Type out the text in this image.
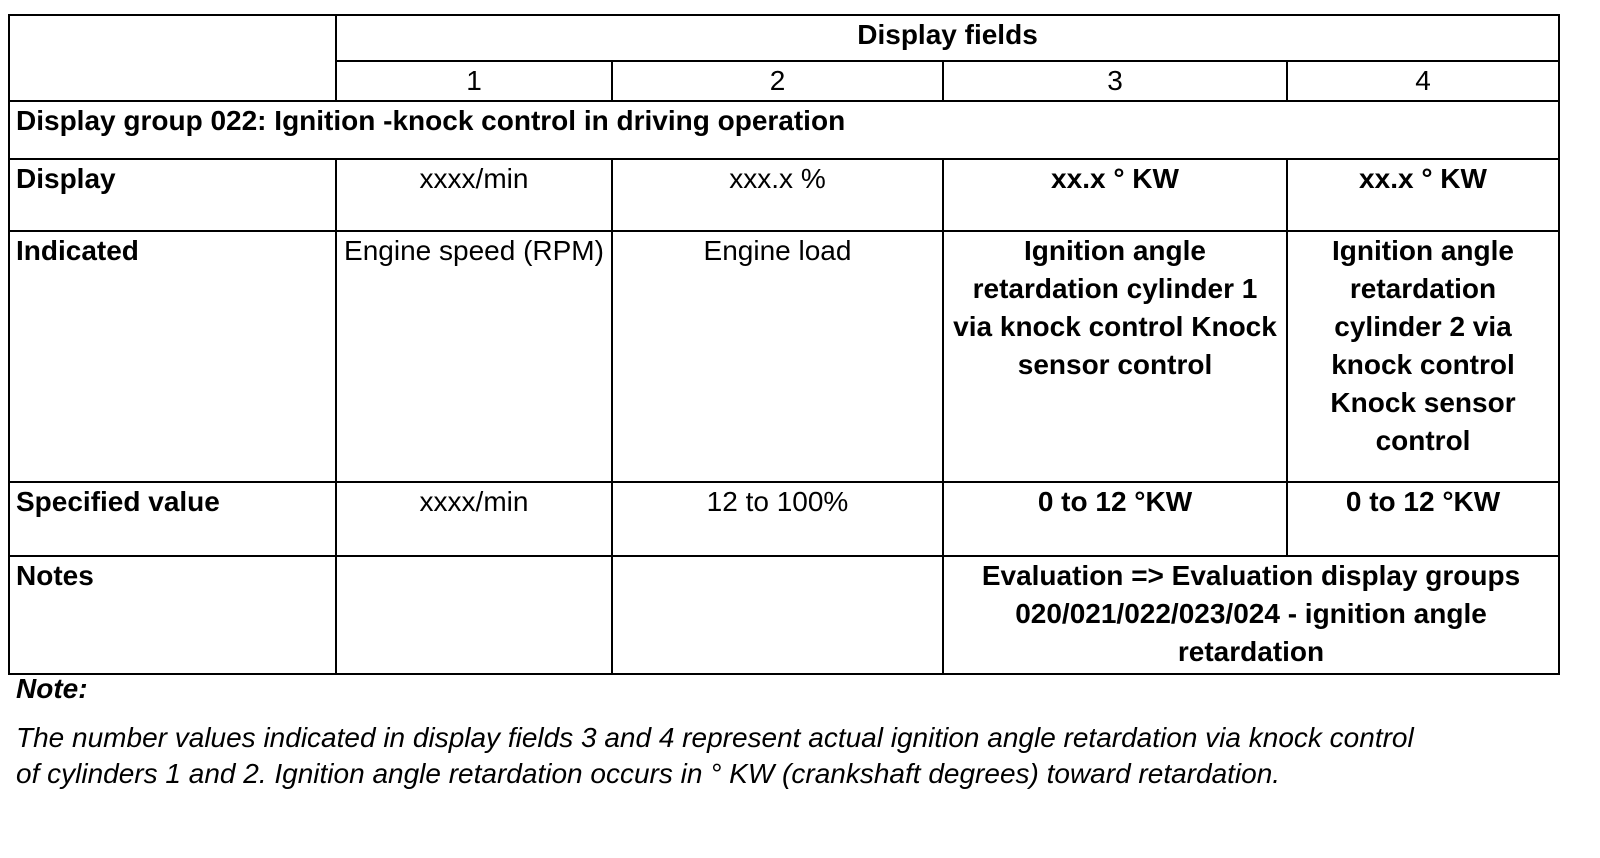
	Display fields			
	1	2	3	4
Display group 022: Ignition -knock control in driving operation				
Display	xxxx/min	xxx.x %	xx.x ° KW	xx.x ° KW
Indicated	Engine speed (RPM)	Engine load	Ignition angle retardation cylinder 1 via knock control Knock sensor control	Ignition angle retardation cylinder 2 via knock control Knock sensor control
Specified value	xxxx/min	12 to 100%	0 to 12 °KW	0 to 12 °KW
Notes			Evaluation => Evaluation display groups 020/021/022/023/024 - ignition angle retardation	
Note:
The number values indicated in display fields 3 and 4 represent actual ignition angle retardation via knock control of cylinders 1 and 2. Ignition angle retardation occurs in ° KW (crankshaft degrees) toward retardation.
